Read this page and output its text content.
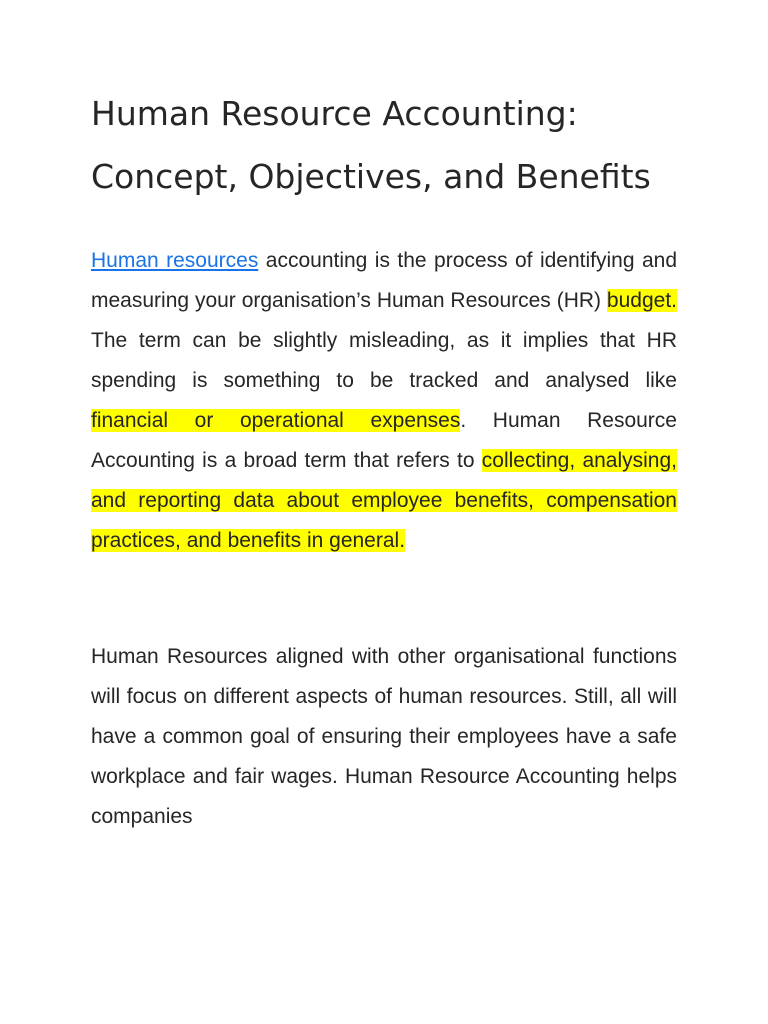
Human Resource Accounting: Concept, Objectives, and Benefits

Human resources accounting is the process of identifying and measuring your organisation’s Human Resources (HR) budget. The term can be slightly misleading, as it implies that HR spending is something to be tracked and analysed like financial or operational expenses. Human Resource Accounting is a broad term that refers to collecting, analysing, and reporting data about employee benefits, compensation practices, and benefits in general.

Human Resources aligned with other organisational functions will focus on different aspects of human resources. Still, all will have a common goal of ensuring their employees have a safe workplace and fair wages. Human Resource Accounting helps companies
